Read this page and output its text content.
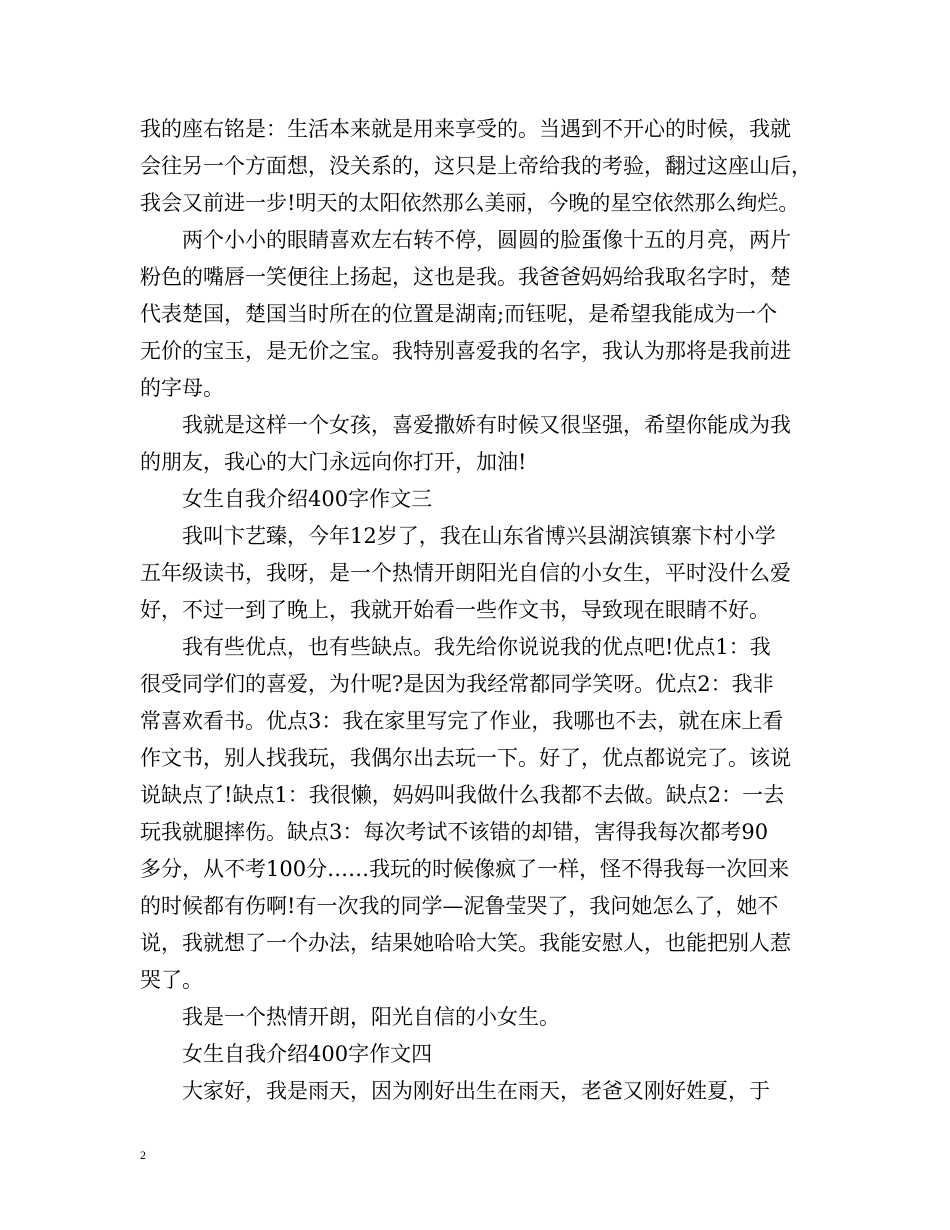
我的座右铭是：生活本来就是用来享受的。当遇到不开心的时候，我就
会往另一个方面想，没关系的，这只是上帝给我的考验，翻过这座山后，
我会又前进一步!明天的太阳依然那么美丽，今晚的星空依然那么绚烂。
两个小小的眼睛喜欢左右转不停，圆圆的脸蛋像十五的月亮，两片
粉色的嘴唇一笑便往上扬起，这也是我。我爸爸妈妈给我取名字时，楚
代表楚国，楚国当时所在的位置是湖南;而钰呢，是希望我能成为一个
无价的宝玉，是无价之宝。我特别喜爱我的名字，我认为那将是我前进
的字母。
我就是这样一个女孩，喜爱撒娇有时候又很坚强，希望你能成为我
的朋友，我心的大门永远向你打开，加油!
女生自我介绍400字作文三
我叫卞艺臻，今年12岁了，我在山东省博兴县湖滨镇寨卞村小学
五年级读书，我呀，是一个热情开朗阳光自信的小女生，平时没什么爱
好，不过一到了晚上，我就开始看一些作文书，导致现在眼睛不好。
我有些优点，也有些缺点。我先给你说说我的优点吧!优点1：我
很受同学们的喜爱，为什呢?是因为我经常都同学笑呀。优点2：我非
常喜欢看书。优点3：我在家里写完了作业，我哪也不去，就在床上看
作文书，别人找我玩，我偶尔出去玩一下。好了，优点都说完了。该说
说缺点了!缺点1：我很懒，妈妈叫我做什么我都不去做。缺点2：一去
玩我就腿摔伤。缺点3：每次考试不该错的却错，害得我每次都考90
多分，从不考100分……我玩的时候像疯了一样，怪不得我每一次回来
的时候都有伤啊!有一次我的同学—泥鲁莹哭了，我问她怎么了，她不
说，我就想了一个办法，结果她哈哈大笑。我能安慰人，也能把别人惹
哭了。
我是一个热情开朗，阳光自信的小女生。
女生自我介绍400字作文四
大家好，我是雨天，因为刚好出生在雨天，老爸又刚好姓夏，于
2
